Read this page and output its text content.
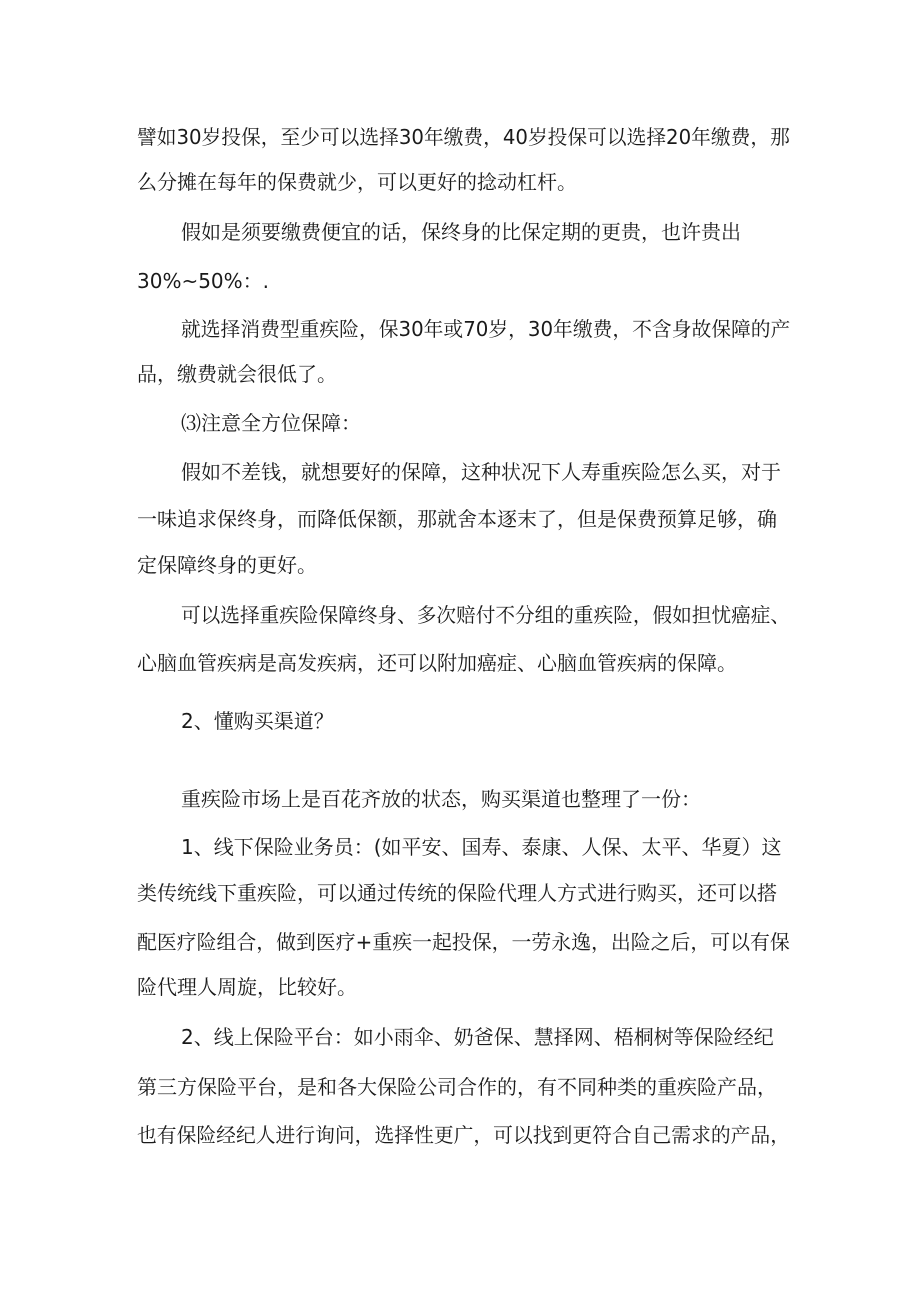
譬如30岁投保，至少可以选择30年缴费，40岁投保可以选择20年缴费，那
么分摊在每年的保费就少，可以更好的捻动杠杆。
假如是须要缴费便宜的话，保终身的比保定期的更贵，也许贵出
30%~50%：.
就选择消费型重疾险，保30年或70岁，30年缴费，不含身故保障的产
品，缴费就会很低了。
⑶注意全方位保障：
假如不差钱，就想要好的保障，这种状况下人寿重疾险怎么买，对于
一味追求保终身，而降低保额，那就舍本逐末了，但是保费预算足够，确
定保障终身的更好。
可以选择重疾险保障终身、多次赔付不分组的重疾险，假如担忧癌症、
心脑血管疾病是高发疾病，还可以附加癌症、心脑血管疾病的保障。
2、懂购买渠道？
重疾险市场上是百花齐放的状态，购买渠道也整理了一份：
1、线下保险业务员：(如平安、国寿、泰康、人保、太平、华夏）这
类传统线下重疾险，可以通过传统的保险代理人方式进行购买，还可以搭
配医疗险组合，做到医疗+重疾一起投保，一劳永逸，出险之后，可以有保
险代理人周旋，比较好。
2、线上保险平台：如小雨伞、奶爸保、慧择网、梧桐树等保险经纪
第三方保险平台，是和各大保险公司合作的，有不同种类的重疾险产品，
也有保险经纪人进行询问，选择性更广，可以找到更符合自己需求的产品，
